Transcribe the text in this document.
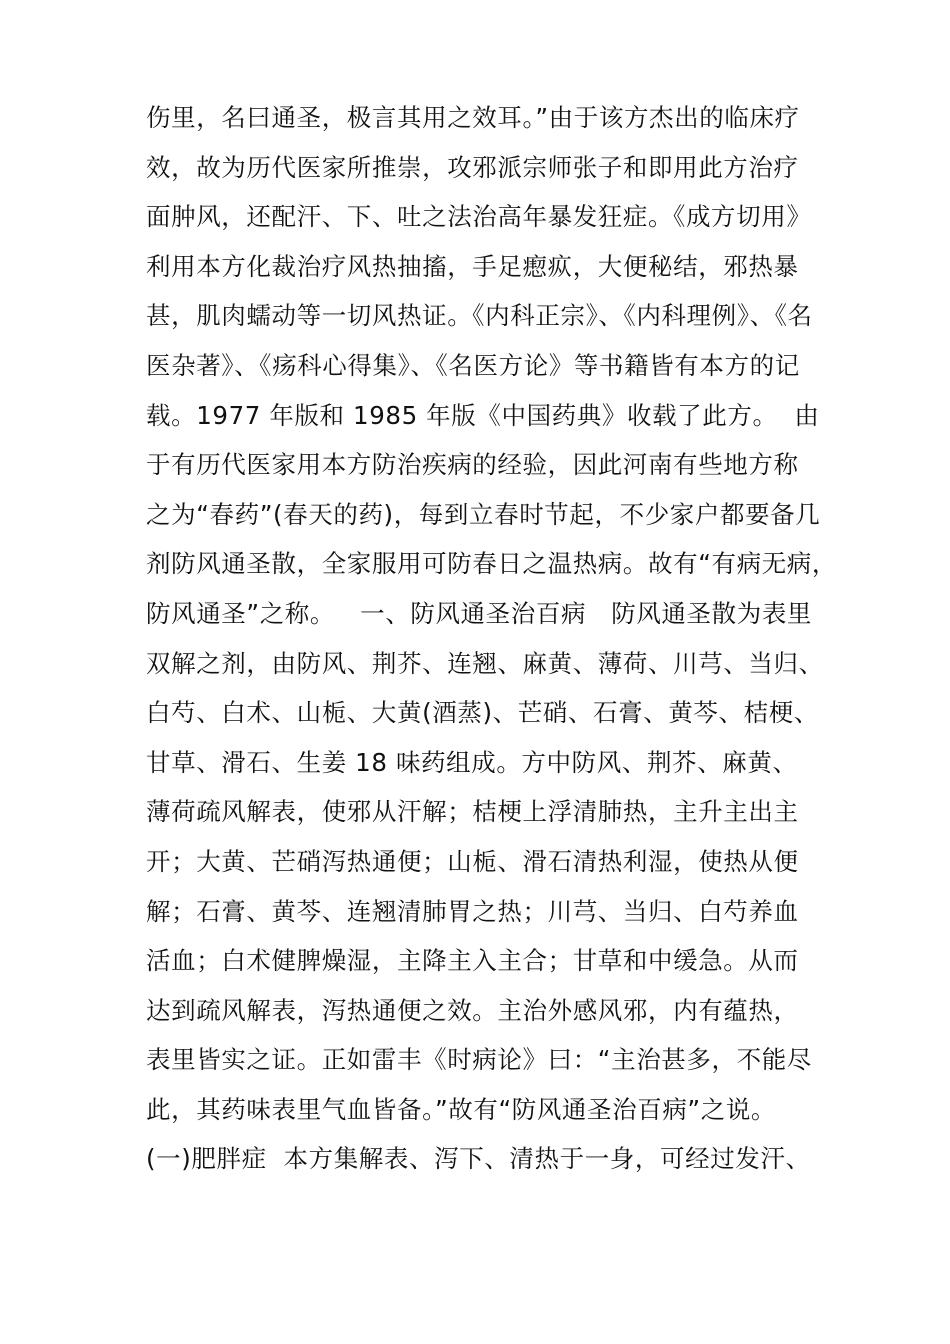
伤里，名曰通圣，极言其用之效耳。”由于该方杰出的临床疗
效，故为历代医家所推崇，攻邪派宗师张子和即用此方治疗
面肿风，还配汗、下、吐之法治高年暴发狂症。《成方切用》
利用本方化裁治疗风热抽搐，手足瘛疭，大便秘结，邪热暴
甚，肌肉蠕动等一切风热证。《内科正宗》、《内科理例》、《名
医杂著》、《疡科心得集》、《名医方论》等书籍皆有本方的记
载。1977 年版和 1985 年版《中国药典》收载了此方。  由
于有历代医家用本方防治疾病的经验，因此河南有些地方称
之为“春药”(春天的药)，每到立春时节起，不少家户都要备几
剂防风通圣散，全家服用可防春日之温热病。故有“有病无病，
防风通圣”之称。   一、防风通圣治百病   防风通圣散为表里
双解之剂，由防风、荆芥、连翘、麻黄、薄荷、川芎、当归、
白芍、白术、山栀、大黄(酒蒸)、芒硝、石膏、黄芩、桔梗、
甘草、滑石、生姜 18 味药组成。方中防风、荆芥、麻黄、
薄荷疏风解表，使邪从汗解；桔梗上浮清肺热，主升主出主
开；大黄、芒硝泻热通便；山栀、滑石清热利湿，使热从便
解；石膏、黄芩、连翘清肺胃之热；川芎、当归、白芍养血
活血；白术健脾燥湿，主降主入主合；甘草和中缓急。从而
达到疏风解表，泻热通便之效。主治外感风邪，内有蕴热，
表里皆实之证。正如雷丰《时病论》曰：“主治甚多，不能尽
此，其药味表里气血皆备。”故有“防风通圣治百病”之说。
(一)肥胖症  本方集解表、泻下、清热于一身，可经过发汗、
